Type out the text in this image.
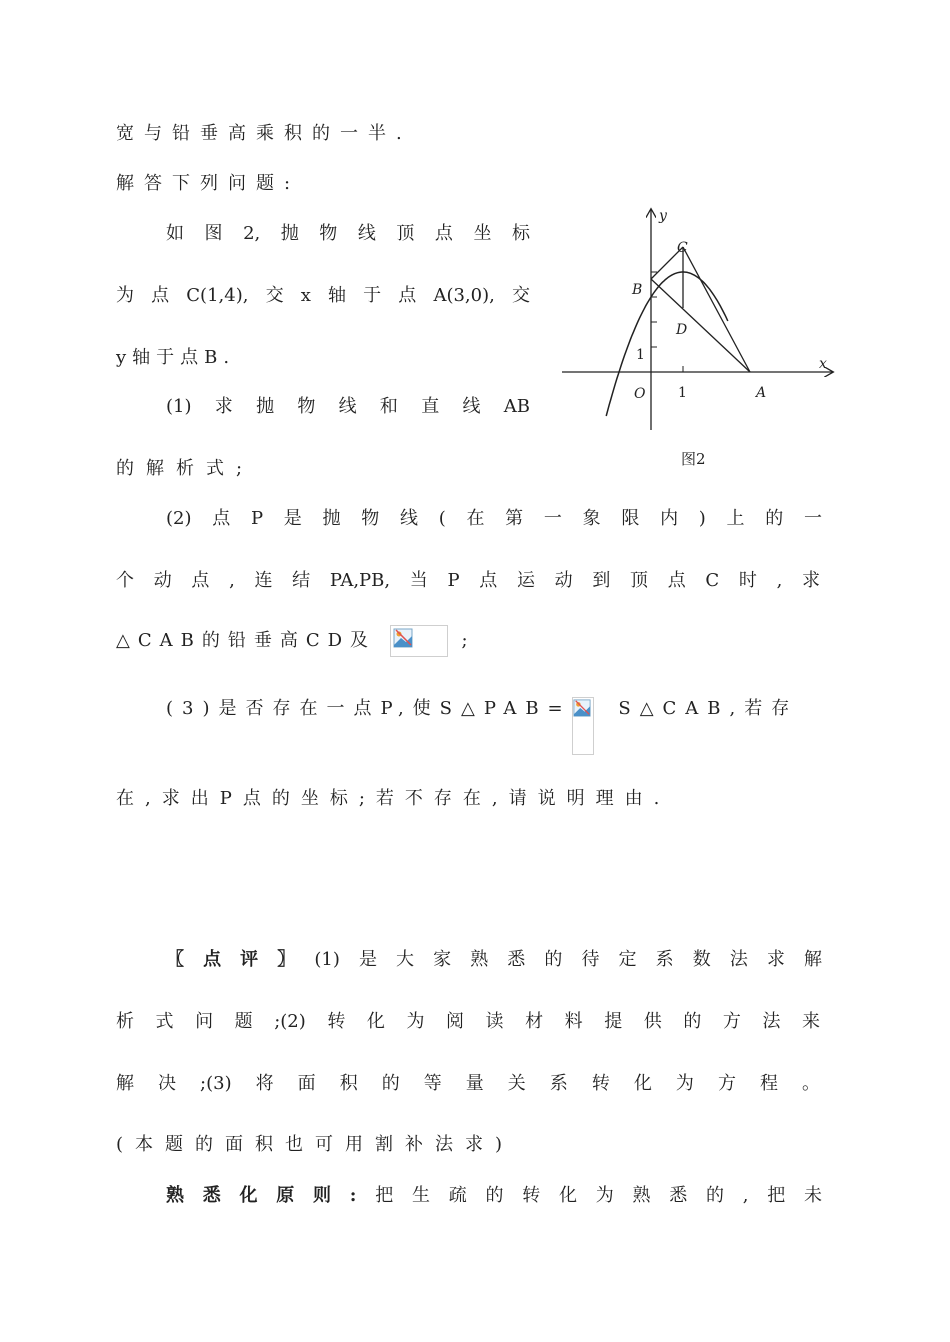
宽与铅垂高乘积的一半.
解答下列问题:
如图2,抛物线顶点坐标
为点C(1,4),交x轴于点A(3,0),交
y轴于点B.
(1)求抛物线和直线AB
的解析式;
(2)点P是抛物线(在第一象限内)上的一
个动点,连结PA,PB,当P点运动到顶点C时,求
△CAB的铅垂高CD及	;
(3)是否存在一点P,使S△PAB=	S△CAB,若存
在,求出P点的坐标;若不存在,请说明理由.
〖点评〗(1)是大家熟悉的待定系数法求解
析式问题;(2)转化为阅读材料提供的方法来
解决;(3)将面积的等量关系转化为方程。
(本题的面积也可用割补法求)
熟悉化原则:把生疏的转化为熟悉的,把未
y
x
C
B
D
O	A
1
1
图2
